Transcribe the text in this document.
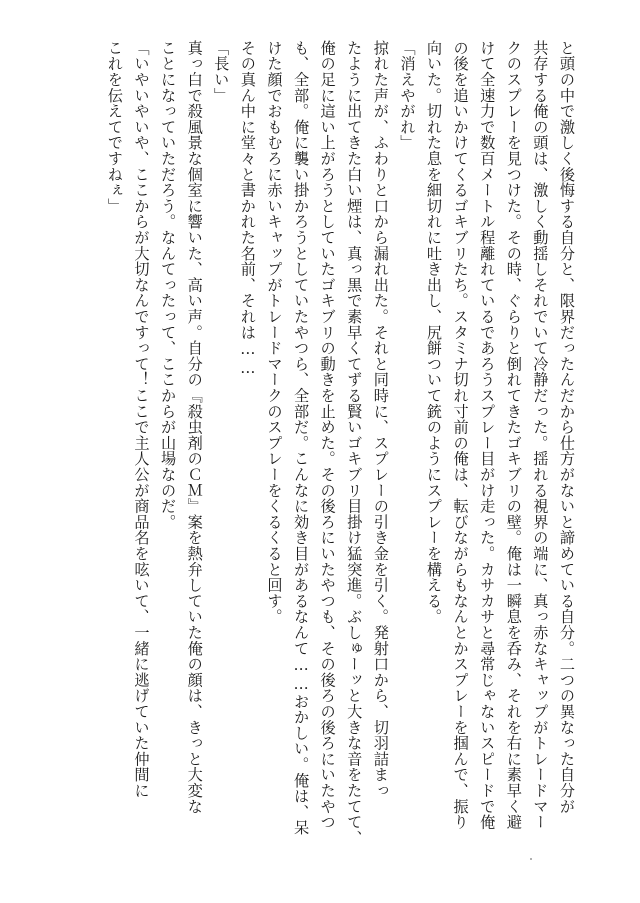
と頭の中で激しく後悔する自分と、限界だったんだから仕方がないと諦めている自分。二つの異なった自分が
共存する俺の頭は、激しく動揺しそれでいて冷静だった。揺れる視界の端に、真っ赤なキャップがトレードマー
クのスプレーを見つけた。その時、ぐらりと倒れてきたゴキブリの壁。俺は一瞬息を呑み、それを右に素早く避
けて全速力で数百メートル程離れているであろうスプレー目がけ走った。カサカサと尋常じゃないスピードで俺
の後を追いかけてくるゴキブリたち。スタミナ切れ寸前の俺は、転びながらもなんとかスプレーを掴んで、振り
向いた。切れた息を細切れに吐き出し、尻餅ついて銃のようにスプレーを構える。
「消えやがれ」
掠れた声が、ふわりと口から漏れ出た。それと同時に、スプレーの引き金を引く。発射口から、切羽詰まっ
たように出てきた白い煙は、真っ黒で素早くてずる賢いゴキブリ目掛け猛突進。ぶしゅーッと大きな音をたてて、
俺の足に這い上がろうとしていたゴキブリの動きを止めた。その後ろにいたやつも、その後ろの後ろにいたやつ
も、全部。俺に襲い掛かろうとしていたやつら、全部だ。こんなに効き目があるなんて……おかしい。俺は、呆
けた顔でおもむろに赤いキャップがトレードマークのスプレーをくるくると回す。
その真ん中に堂々と書かれた名前、それは……
「長い」
真っ白で殺風景な個室に響いた、高い声。自分の『殺虫剤のＣＭ』案を熱弁していた俺の顔は、きっと大変な
ことになっていただろう。なんてったって、ここからが山場なのだ。
「いやいやいや、ここからが大切なんですって！ここで主人公が商品名を呟いて、一緒に逃げていた仲間に
これを伝えてですねぇ」
